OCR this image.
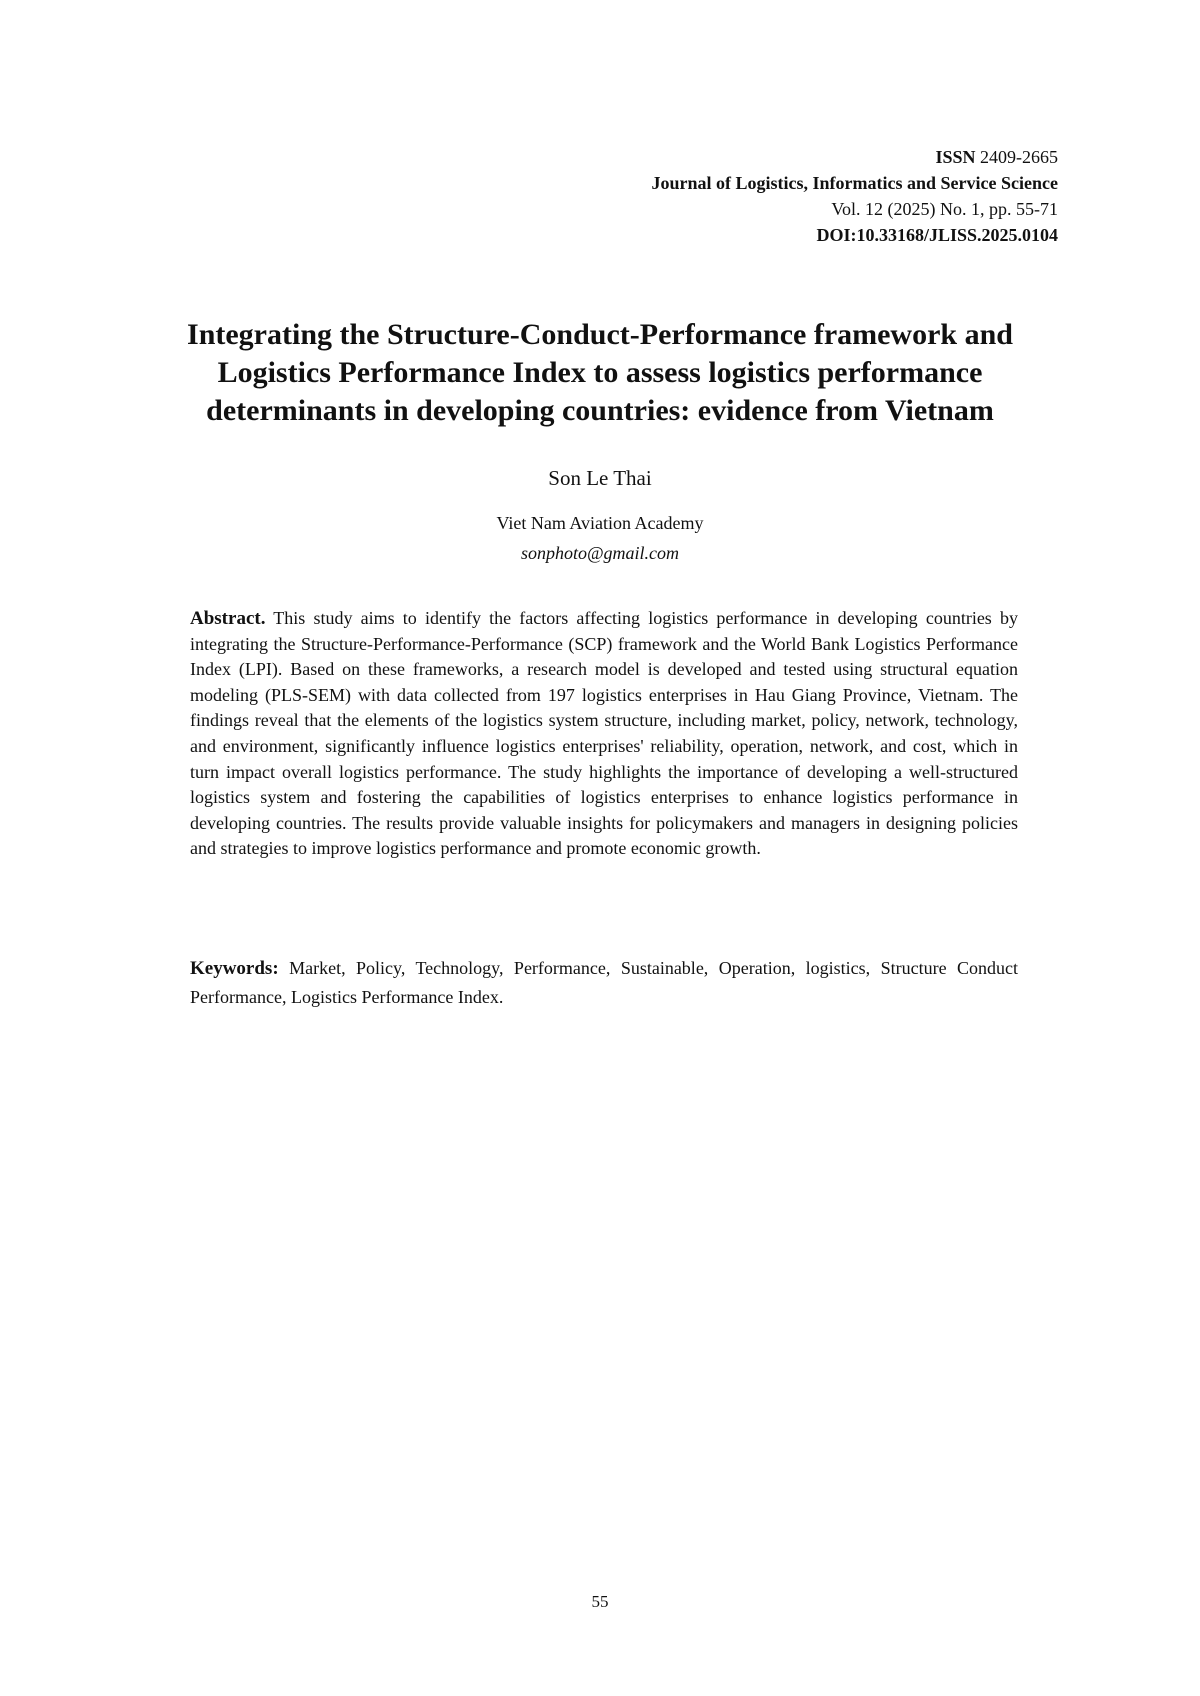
ISSN 2409-2665
Journal of Logistics, Informatics and Service Science
Vol. 12 (2025) No. 1, pp. 55-71
DOI:10.33168/JLISS.2025.0104
Integrating the Structure-Conduct-Performance framework and
Logistics Performance Index to assess logistics performance
determinants in developing countries: evidence from Vietnam
Son Le Thai
Viet Nam Aviation Academy
sonphoto@gmail.com
Abstract. This study aims to identify the factors affecting logistics performance in developing countries by integrating the Structure-Performance-Performance (SCP) framework and the World Bank Logistics Performance Index (LPI). Based on these frameworks, a research model is developed and tested using structural equation modeling (PLS-SEM) with data collected from 197 logistics enterprises in Hau Giang Province, Vietnam. The findings reveal that the elements of the logistics system structure, including market, policy, network, technology, and environment, significantly influence logistics enterprises' reliability, operation, network, and cost, which in turn impact overall logistics performance. The study highlights the importance of developing a well-structured logistics system and fostering the capabilities of logistics enterprises to enhance logistics performance in developing countries. The results provide valuable insights for policymakers and managers in designing policies and strategies to improve logistics performance and promote economic growth.
Keywords: Market, Policy, Technology, Performance, Sustainable, Operation, logistics, Structure Conduct Performance, Logistics Performance Index.
55
